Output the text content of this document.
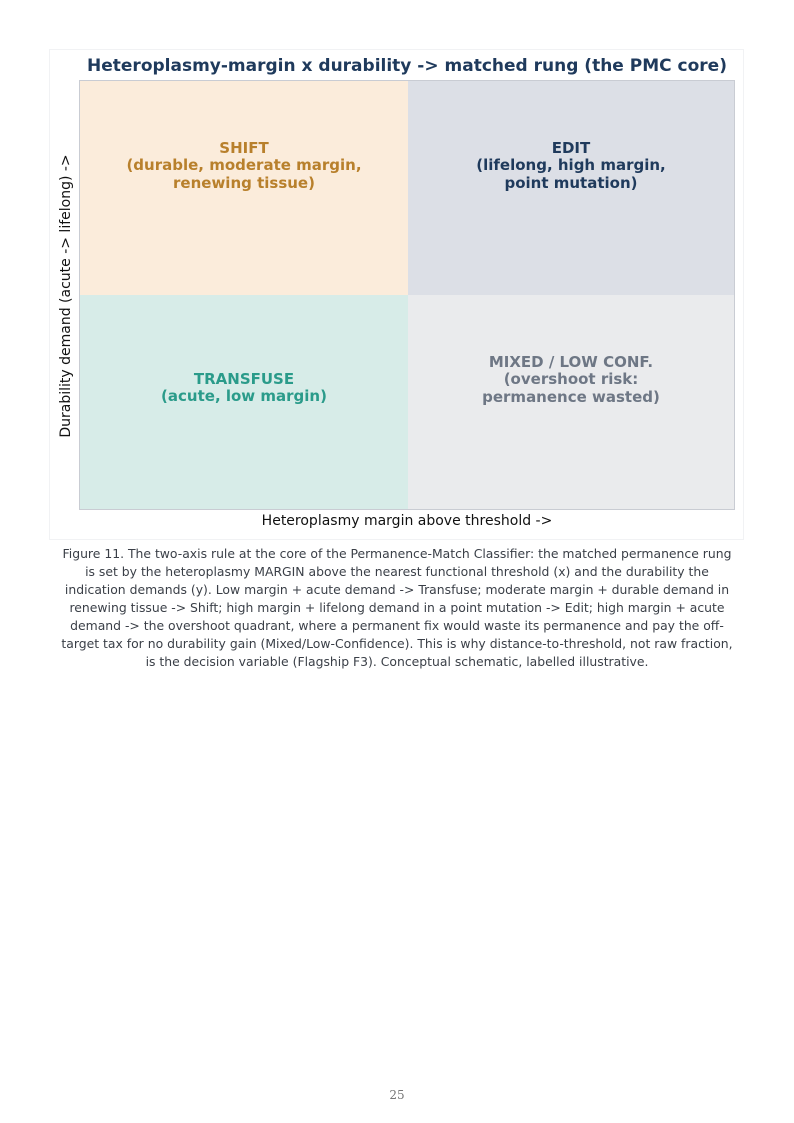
Heteroplasmy-margin x durability -> matched rung (the PMC core)
SHIFT
(durable, moderate margin,
renewing tissue)
EDIT
(lifelong, high margin,
point mutation)
TRANSFUSE
(acute, low margin)
MIXED / LOW CONF.
(overshoot risk:
permanence wasted)
Durability demand (acute -> lifelong) ->
Heteroplasmy margin above threshold ->
Figure 11. The two-axis rule at the core of the Permanence-Match Classifier: the matched permanence rung
is set by the heteroplasmy MARGIN above the nearest functional threshold (x) and the durability the
indication demands (y). Low margin + acute demand -> Transfuse; moderate margin + durable demand in
renewing tissue -> Shift; high margin + lifelong demand in a point mutation -> Edit; high margin + acute
demand -> the overshoot quadrant, where a permanent fix would waste its permanence and pay the off-
target tax for no durability gain (Mixed/Low-Confidence). This is why distance-to-threshold, not raw fraction,
is the decision variable (Flagship F3). Conceptual schematic, labelled illustrative.
25
